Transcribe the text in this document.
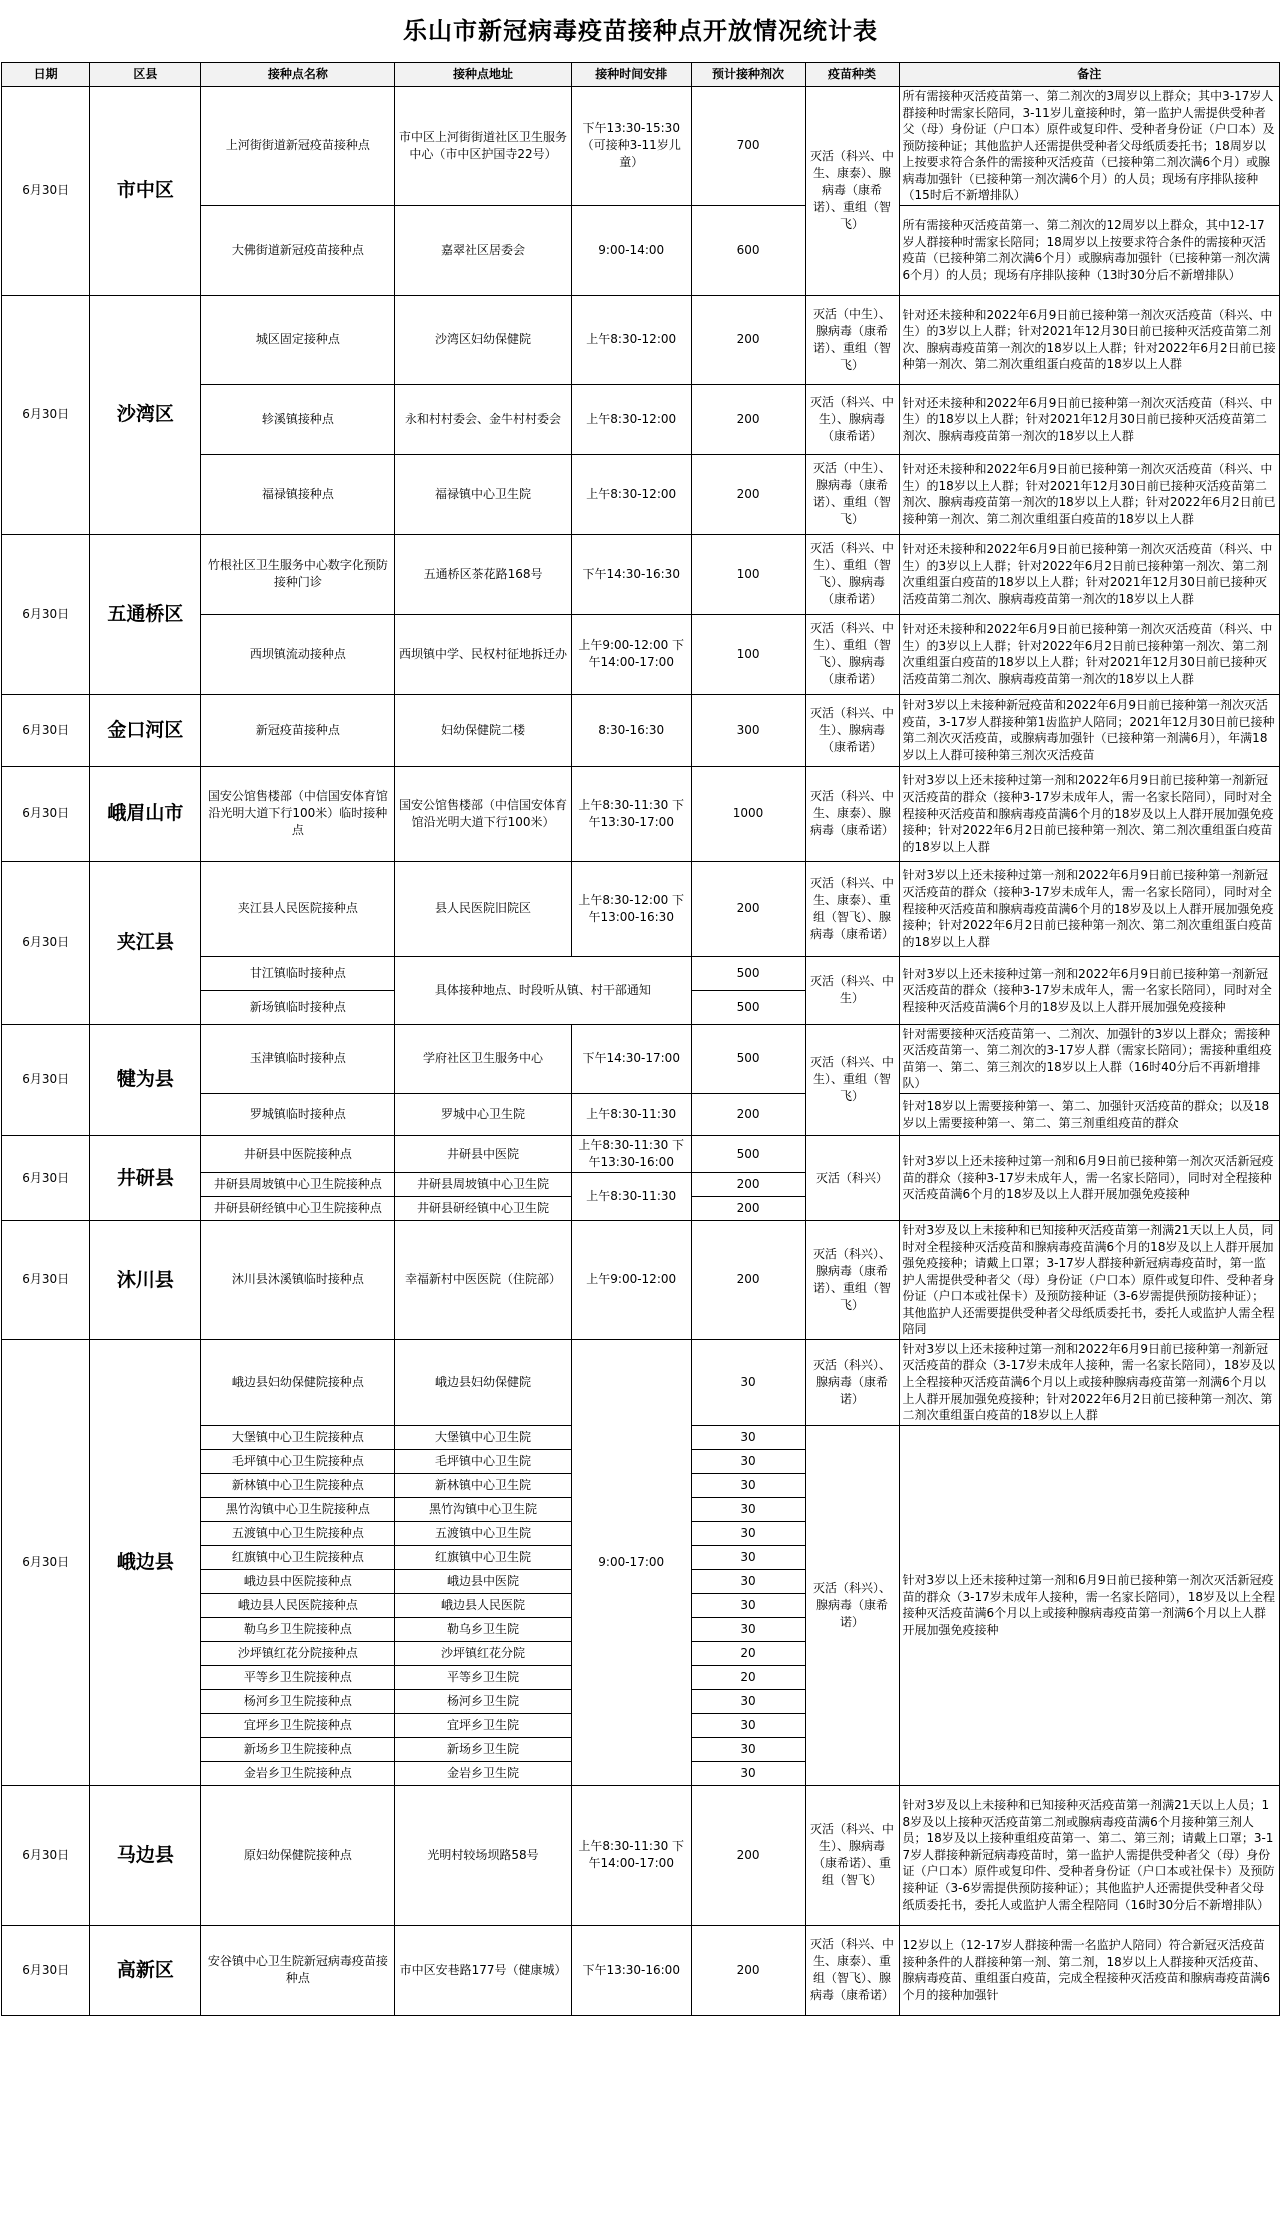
乐山市新冠病毒疫苗接种点开放情况统计表
日期	区县	接种点名称	接种点地址	接种时间安排	预计接种剂次	疫苗种类	备注
6月30日	市中区	上河街街道新冠疫苗接种点	市中区上河街街道社区卫生服务中心（市中区护国寺22号）	下午13:30-15:30（可接种3-11岁儿童）	700	灭活（科兴、中生、康泰）、腺病毒（康希诺）、重组（智飞）	所有需接种灭活疫苗第一、第二剂次的3周岁以上群众；其中3-17岁人群接种时需家长陪同，3-11岁儿童接种时，第一监护人需提供受种者父（母）身份证（户口本）原件或复印件、受种者身份证（户口本）及预防接种证；其他监护人还需提供受种者父母纸质委托书；18周岁以上按要求符合条件的需接种灭活疫苗（已接种第二剂次满6个月）或腺病毒加强针（已接种第一剂次满6个月）的人员；现场有序排队接种（15时后不新增排队）
		大佛街道新冠疫苗接种点	嘉翠社区居委会	9:00-14:00	600		所有需接种灭活疫苗第一、第二剂次的12周岁以上群众，其中12-17岁人群接种时需家长陪同；18周岁以上按要求符合条件的需接种灭活疫苗（已接种第二剂次满6个月）或腺病毒加强针（已接种第一剂次满6个月）的人员；现场有序排队接种（13时30分后不新增排队）
6月30日	沙湾区	城区固定接种点	沙湾区妇幼保健院	上午8:30-12:00	200	灭活（中生）、腺病毒（康希诺）、重组（智飞）	针对还未接种和2022年6月9日前已接种第一剂次灭活疫苗（科兴、中生）的3岁以上人群；针对2021年12月30日前已接种灭活疫苗第二剂次、腺病毒疫苗第一剂次的18岁以上人群；针对2022年6月2日前已接种第一剂次、第二剂次重组蛋白疫苗的18岁以上人群
		轸溪镇接种点	永和村村委会、金牛村村委会	上午8:30-12:00	200	灭活（科兴、中生）、腺病毒（康希诺）	针对还未接种和2022年6月9日前已接种第一剂次灭活疫苗（科兴、中生）的18岁以上人群；针对2021年12月30日前已接种灭活疫苗第二剂次、腺病毒疫苗第一剂次的18岁以上人群
		福禄镇接种点	福禄镇中心卫生院	上午8:30-12:00	200	灭活（中生）、腺病毒（康希诺）、重组（智飞）	针对还未接种和2022年6月9日前已接种第一剂次灭活疫苗（科兴、中生）的18岁以上人群；针对2021年12月30日前已接种灭活疫苗第二剂次、腺病毒疫苗第一剂次的18岁以上人群；针对2022年6月2日前已接种第一剂次、第二剂次重组蛋白疫苗的18岁以上人群
6月30日	五通桥区	竹根社区卫生服务中心数字化预防接种门诊	五通桥区茶花路168号	下午14:30-16:30	100	灭活（科兴、中生）、重组（智飞）、腺病毒（康希诺）	针对还未接种和2022年6月9日前已接种第一剂次灭活疫苗（科兴、中生）的3岁以上人群；针对2022年6月2日前已接种第一剂次、第二剂次重组蛋白疫苗的18岁以上人群；针对2021年12月30日前已接种灭活疫苗第二剂次、腺病毒疫苗第一剂次的18岁以上人群
		西坝镇流动接种点	西坝镇中学、民权村征地拆迁办	上午9:00-12:00 下午14:00-17:00	100	灭活（科兴、中生）、重组（智飞）、腺病毒（康希诺）	针对还未接种和2022年6月9日前已接种第一剂次灭活疫苗（科兴、中生）的3岁以上人群；针对2022年6月2日前已接种第一剂次、第二剂次重组蛋白疫苗的18岁以上人群；针对2021年12月30日前已接种灭活疫苗第二剂次、腺病毒疫苗第一剂次的18岁以上人群
6月30日	金口河区	新冠疫苗接种点	妇幼保健院二楼	8:30-16:30	300	灭活（科兴、中生）、腺病毒（康希诺）	针对3岁以上未接种新冠疫苗和2022年6月9日前已接种第一剂次灭活疫苗，3-17岁人群接种第1齿监护人陪同；2021年12月30日前已接种第二剂次灭活疫苗，或腺病毒加强针（已接种第一剂满6月），年满18岁以上人群可接种第三剂次灭活疫苗
6月30日	峨眉山市	国安公馆售楼部（中信国安体育馆沿光明大道下行100米）临时接种点	国安公馆售楼部（中信国安体育馆沿光明大道下行100米）	上午8:30-11:30 下午13:30-17:00	1000	灭活（科兴、中生、康泰）、腺病毒（康希诺）	针对3岁以上还未接种过第一剂和2022年6月9日前已接种第一剂新冠灭活疫苗的群众（接种3-17岁未成年人，需一名家长陪同），同时对全程接种灭活疫苗和腺病毒疫苗满6个月的18岁及以上人群开展加强免疫接种；针对2022年6月2日前已接种第一剂次、第二剂次重组蛋白疫苗的18岁以上人群
6月30日	夹江县	夹江县人民医院接种点	县人民医院旧院区	上午8:30-12:00 下午13:00-16:30	200	灭活（科兴、中生、康泰）、重组（智飞）、腺病毒（康希诺）	针对3岁以上还未接种过第一剂和2022年6月9日前已接种第一剂新冠灭活疫苗的群众（接种3-17岁未成年人，需一名家长陪同），同时对全程接种灭活疫苗和腺病毒疫苗满6个月的18岁及以上人群开展加强免疫接种；针对2022年6月2日前已接种第一剂次、第二剂次重组蛋白疫苗的18岁以上人群
		甘江镇临时接种点	具体接种地点、时段听从镇、村干部通知		500	灭活（科兴、中生）	针对3岁以上还未接种过第一剂和2022年6月9日前已接种第一剂新冠灭活疫苗的群众（接种3-17岁未成年人，需一名家长陪同），同时对全程接种灭活疫苗满6个月的18岁及以上人群开展加强免疫接种
		新场镇临时接种点			500		
6月30日	犍为县	玉津镇临时接种点	学府社区卫生服务中心	下午14:30-17:00	500	灭活（科兴、中生）、重组（智飞）	针对需要接种灭活疫苗第一、二剂次、加强针的3岁以上群众；需接种灭活疫苗第一、第二剂次的3-17岁人群（需家长陪同）；需接种重组疫苗第一、第二、第三剂次的18岁以上人群（16时40分后不再新增排队）
		罗城镇临时接种点	罗城中心卫生院	上午8:30-11:30	200		针对18岁以上需要接种第一、第二、加强针灭活疫苗的群众；以及18岁以上需要接种第一、第二、第三剂重组疫苗的群众
6月30日	井研县	井研县中医院接种点	井研县中医院	上午8:30-11:30 下午13:30-16:00	500	灭活（科兴）	针对3岁以上还未接种过第一剂和6月9日前已接种第一剂次灭活新冠疫苗的群众（接种3-17岁未成年人，需一名家长陪同），同时对全程接种灭活疫苗满6个月的18岁及以上人群开展加强免疫接种
		井研县周坡镇中心卫生院接种点	井研县周坡镇中心卫生院	上午8:30-11:30	200		
		井研县研经镇中心卫生院接种点	井研县研经镇中心卫生院		200		
6月30日	沐川县	沐川县沐溪镇临时接种点	幸福新村中医医院（住院部）	上午9:00-12:00	200	灭活（科兴）、腺病毒（康希诺）、重组（智飞）	针对3岁及以上未接种和已知接种灭活疫苗第一剂满21天以上人员，同时对全程接种灭活疫苗和腺病毒疫苗满6个月的18岁及以上人群开展加强免疫接种；请戴上口罩；3-17岁人群接种新冠病毒疫苗时，第一监护人需提供受种者父（母）身份证（户口本）原件或复印件、受种者身份证（户口本或社保卡）及预防接种证（3-6岁需提供预防接种证）；其他监护人还需要提供受种者父母纸质委托书，委托人或监护人需全程陪同
6月30日	峨边县	峨边县妇幼保健院接种点	峨边县妇幼保健院	9:00-17:00	30	灭活（科兴）、腺病毒（康希诺）	针对3岁以上还未接种过第一剂和2022年6月9日前已接种第一剂新冠灭活疫苗的群众（3-17岁未成年人接种，需一名家长陪同），18岁及以上全程接种灭活疫苗满6个月以上或接种腺病毒疫苗第一剂满6个月以上人群开展加强免疫接种；针对2022年6月2日前已接种第一剂次、第二剂次重组蛋白疫苗的18岁以上人群
		大堡镇中心卫生院接种点	大堡镇中心卫生院		30	灭活（科兴）、腺病毒（康希诺）	针对3岁以上还未接种过第一剂和6月9日前已接种第一剂次灭活新冠疫苗的群众（3-17岁未成年人接种，需一名家长陪同），18岁及以上全程接种灭活疫苗满6个月以上或接种腺病毒疫苗第一剂满6个月以上人群开展加强免疫接种
		毛坪镇中心卫生院接种点	毛坪镇中心卫生院		30		
		新林镇中心卫生院接种点	新林镇中心卫生院		30		
		黑竹沟镇中心卫生院接种点	黑竹沟镇中心卫生院		30		
		五渡镇中心卫生院接种点	五渡镇中心卫生院		30		
		红旗镇中心卫生院接种点	红旗镇中心卫生院		30		
		峨边县中医院接种点	峨边县中医院		30		
		峨边县人民医院接种点	峨边县人民医院		30		
		勒乌乡卫生院接种点	勒乌乡卫生院		30		
		沙坪镇红花分院接种点	沙坪镇红花分院		20		
		平等乡卫生院接种点	平等乡卫生院		20		
		杨河乡卫生院接种点	杨河乡卫生院		30		
		宜坪乡卫生院接种点	宜坪乡卫生院		30		
		新场乡卫生院接种点	新场乡卫生院		30		
		金岩乡卫生院接种点	金岩乡卫生院		30		
6月30日	马边县	原妇幼保健院接种点	光明村较场坝路58号	上午8:30-11:30 下午14:00-17:00	200	灭活（科兴、中生）、腺病毒（康希诺）、重组（智飞）	针对3岁及以上未接种和已知接种灭活疫苗第一剂满21天以上人员；18岁及以上接种灭活疫苗第二剂或腺病毒疫苗满6个月接种第三剂人员；18岁及以上接种重组疫苗第一、第二、第三剂；请戴上口罩；3-17岁人群接种新冠病毒疫苗时，第一监护人需提供受种者父（母）身份证（户口本）原件或复印件、受种者身份证（户口本或社保卡）及预防接种证（3-6岁需提供预防接种证）；其他监护人还需提供受种者父母纸质委托书，委托人或监护人需全程陪同（16时30分后不新增排队）
6月30日	高新区	安谷镇中心卫生院新冠病毒疫苗接种点	市中区安巷路177号（健康城）	下午13:30-16:00	200	灭活（科兴、中生、康泰）、重组（智飞）、腺病毒（康希诺）	12岁以上（12-17岁人群接种需一名监护人陪同）符合新冠灭活疫苗接种条件的人群接种第一剂、第二剂，18岁以上人群接种灭活疫苗、腺病毒疫苗、重组蛋白疫苗，完成全程接种灭活疫苗和腺病毒疫苗满6个月的接种加强针
